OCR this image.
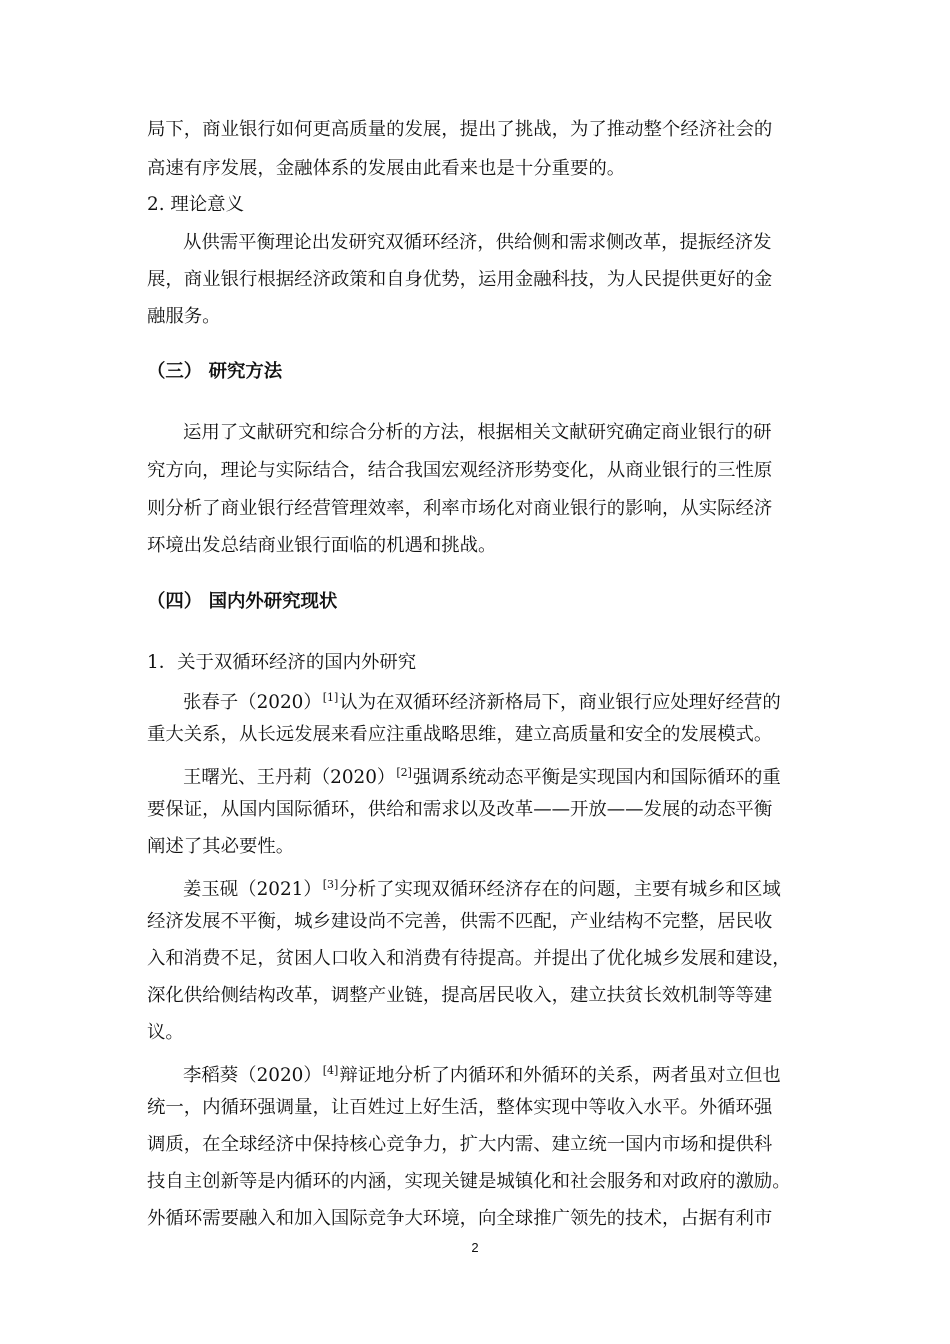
局下，商业银行如何更高质量的发展，提出了挑战，为了推动整个经济社会的
高速有序发展，金融体系的发展由此看来也是十分重要的。
2. 理论意义
从供需平衡理论出发研究双循环经济，供给侧和需求侧改革，提振经济发
展，商业银行根据经济政策和自身优势，运用金融科技，为人民提供更好的金
融服务。
（三） 研究方法
运用了文献研究和综合分析的方法，根据相关文献研究确定商业银行的研
究方向，理论与实际结合，结合我国宏观经济形势变化，从商业银行的三性原
则分析了商业银行经营管理效率，利率市场化对商业银行的影响，从实际经济
环境出发总结商业银行面临的机遇和挑战。
（四） 国内外研究现状
1．关于双循环经济的国内外研究
张春子（2020）[1]认为在双循环经济新格局下，商业银行应处理好经营的
重大关系，从长远发展来看应注重战略思维，建立高质量和安全的发展模式。
王曙光、王丹莉（2020）[2]强调系统动态平衡是实现国内和国际循环的重
要保证，从国内国际循环，供给和需求以及改革——开放——发展的动态平衡
阐述了其必要性。
姜玉砚（2021）[3]分析了实现双循环经济存在的问题，主要有城乡和区域
经济发展不平衡，城乡建设尚不完善，供需不匹配，产业结构不完整，居民收
入和消费不足，贫困人口收入和消费有待提高。并提出了优化城乡发展和建设，
深化供给侧结构改革，调整产业链，提高居民收入，建立扶贫长效机制等等建
议。
李稻葵（2020）[4]辩证地分析了内循环和外循环的关系，两者虽对立但也
统一，内循环强调量，让百姓过上好生活，整体实现中等收入水平。外循环强
调质，在全球经济中保持核心竞争力，扩大内需、建立统一国内市场和提供科
技自主创新等是内循环的内涵，实现关键是城镇化和社会服务和对政府的激励。
外循环需要融入和加入国际竞争大环境，向全球推广领先的技术，占据有利市
2
